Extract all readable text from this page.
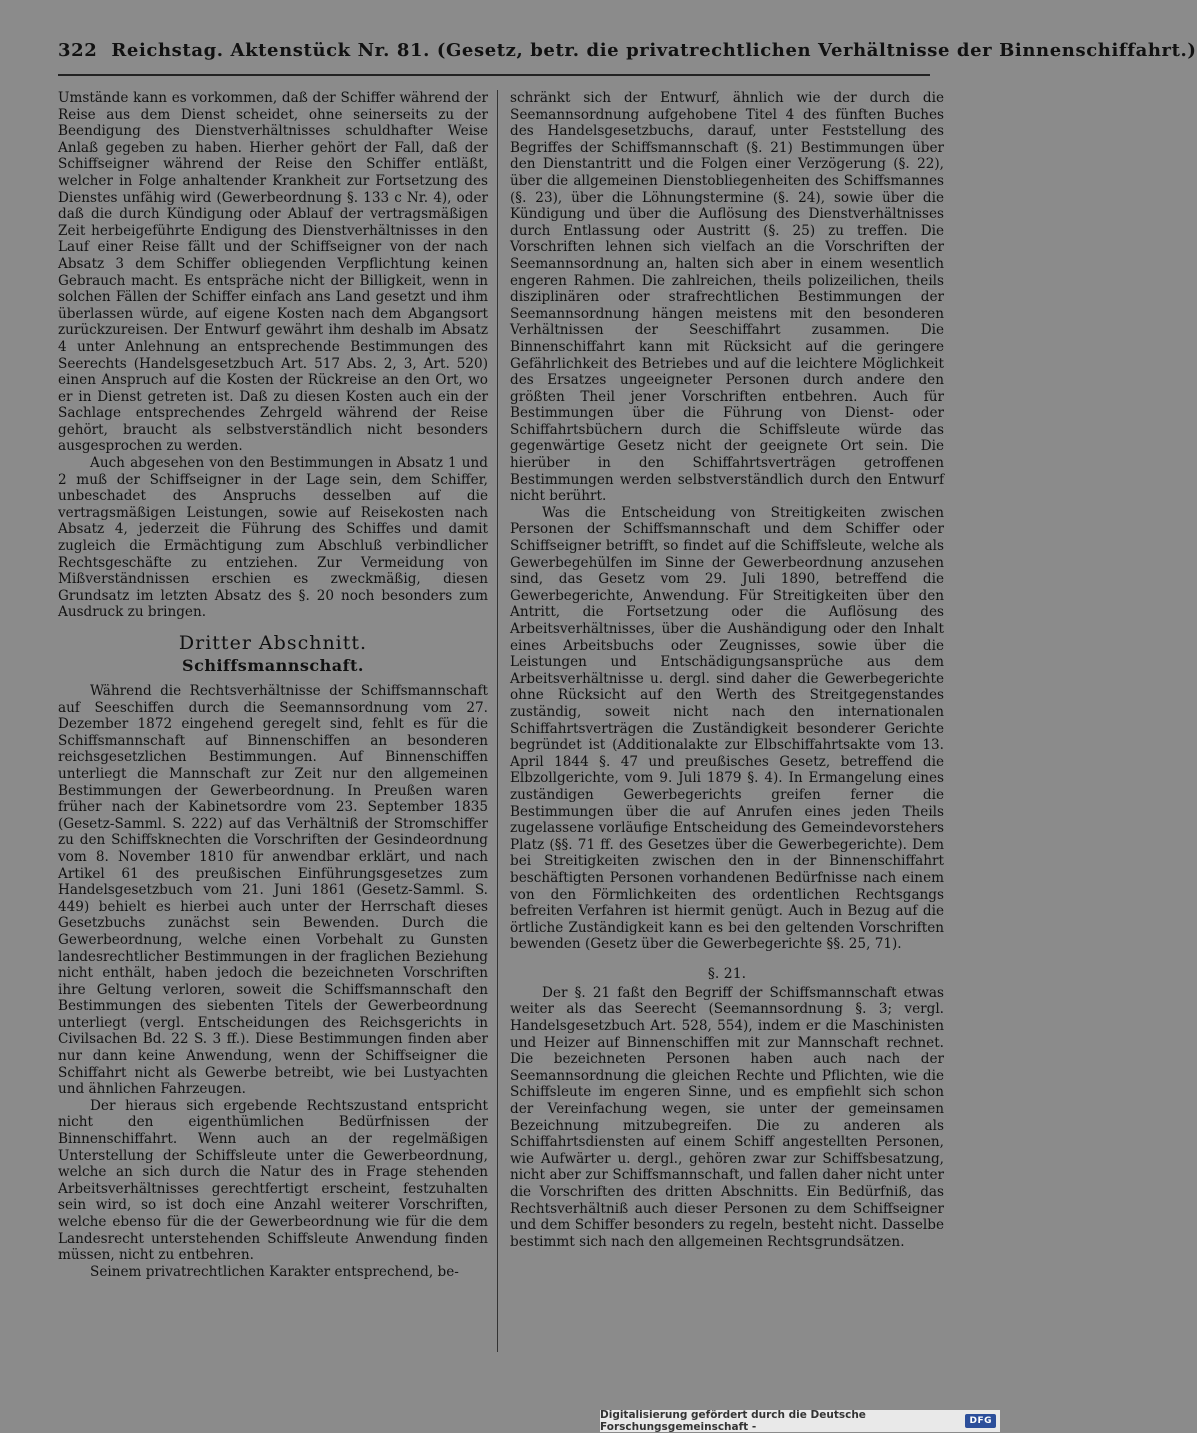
322 Reichstag. Aktenstück Nr. 81. (Gesetz, betr. die privatrechtlichen Verhältnisse der Binnenschiffahrt.)

Umstände kann es vorkommen, daß der Schiffer während der Reise aus dem Dienst scheidet, ohne seinerseits zu der Beendigung des Dienstverhältnisses schuldhafter Weise Anlaß gegeben zu haben. Hierher gehört der Fall, daß der Schiffseigner während der Reise den Schiffer entläßt, welcher in Folge anhaltender Krankheit zur Fortsetzung des Dienstes unfähig wird (Gewerbeordnung §. 133 c Nr. 4), oder daß die durch Kündigung oder Ablauf der vertragsmäßigen Zeit herbeigeführte Endigung des Dienstverhältnisses in den Lauf einer Reise fällt und der Schiffseigner von der nach Absatz 3 dem Schiffer obliegenden Verpflichtung keinen Gebrauch macht. Es entspräche nicht der Billigkeit, wenn in solchen Fällen der Schiffer einfach ans Land gesetzt und ihm überlassen würde, auf eigene Kosten nach dem Abgangsort zurückzureisen. Der Entwurf gewährt ihm deshalb im Absatz 4 unter Anlehnung an entsprechende Bestimmungen des Seerechts (Handelsgesetzbuch Art. 517 Abs. 2, 3, Art. 520) einen Anspruch auf die Kosten der Rückreise an den Ort, wo er in Dienst getreten ist. Daß zu diesen Kosten auch ein der Sachlage entsprechendes Zehrgeld während der Reise gehört, braucht als selbstverständlich nicht besonders ausgesprochen zu werden.

Auch abgesehen von den Bestimmungen in Absatz 1 und 2 muß der Schiffseigner in der Lage sein, dem Schiffer, unbeschadet des Anspruchs desselben auf die vertragsmäßigen Leistungen, sowie auf Reisekosten nach Absatz 4, jederzeit die Führung des Schiffes und damit zugleich die Ermächtigung zum Abschluß verbindlicher Rechtsgeschäfte zu entziehen. Zur Vermeidung von Mißverständnissen erschien es zweckmäßig, diesen Grundsatz im letzten Absatz des §. 20 noch besonders zum Ausdruck zu bringen.

Dritter Abschnitt.
Schiffsmannschaft.

Während die Rechtsverhältnisse der Schiffsmannschaft auf Seeschiffen durch die Seemannsordnung vom 27. Dezember 1872 eingehend geregelt sind, fehlt es für die Schiffsmannschaft auf Binnenschiffen an besonderen reichsgesetzlichen Bestimmungen. Auf Binnenschiffen unterliegt die Mannschaft zur Zeit nur den allgemeinen Bestimmungen der Gewerbeordnung. In Preußen waren früher nach der Kabinetsordre vom 23. September 1835 (Gesetz-Samml. S. 222) auf das Verhältniß der Stromschiffer zu den Schiffsknechten die Vorschriften der Gesindeordnung vom 8. November 1810 für anwendbar erklärt, und nach Artikel 61 des preußischen Einführungsgesetzes zum Handelsgesetzbuch vom 21. Juni 1861 (Gesetz-Samml. S. 449) behielt es hierbei auch unter der Herrschaft dieses Gesetzbuchs zunächst sein Bewenden. Durch die Gewerbeordnung, welche einen Vorbehalt zu Gunsten landesrechtlicher Bestimmungen in der fraglichen Beziehung nicht enthält, haben jedoch die bezeichneten Vorschriften ihre Geltung verloren, soweit die Schiffsmannschaft den Bestimmungen des siebenten Titels der Gewerbeordnung unterliegt (vergl. Entscheidungen des Reichsgerichts in Civilsachen Bd. 22 S. 3 ff.). Diese Bestimmungen finden aber nur dann keine Anwendung, wenn der Schiffseigner die Schiffahrt nicht als Gewerbe betreibt, wie bei Lustyachten und ähnlichen Fahrzeugen.

Der hieraus sich ergebende Rechtszustand entspricht nicht den eigenthümlichen Bedürfnissen der Binnenschiffahrt. Wenn auch an der regelmäßigen Unterstellung der Schiffsleute unter die Gewerbeordnung, welche an sich durch die Natur des in Frage stehenden Arbeitsverhältnisses gerechtfertigt erscheint, festzuhalten sein wird, so ist doch eine Anzahl weiterer Vorschriften, welche ebenso für die der Gewerbeordnung wie für die dem Landesrecht unterstehenden Schiffsleute Anwendung finden müssen, nicht zu entbehren.

Seinem privatrechtlichen Karakter entsprechend, be-

schränkt sich der Entwurf, ähnlich wie der durch die Seemannsordnung aufgehobene Titel 4 des fünften Buches des Handelsgesetzbuchs, darauf, unter Feststellung des Begriffes der Schiffsmannschaft (§. 21) Bestimmungen über den Dienstantritt und die Folgen einer Verzögerung (§. 22), über die allgemeinen Dienstobliegenheiten des Schiffsmannes (§. 23), über die Löhnungstermine (§. 24), sowie über die Kündigung und über die Auflösung des Dienstverhältnisses durch Entlassung oder Austritt (§. 25) zu treffen. Die Vorschriften lehnen sich vielfach an die Vorschriften der Seemannsordnung an, halten sich aber in einem wesentlich engeren Rahmen. Die zahlreichen, theils polizeilichen, theils disziplinären oder strafrechtlichen Bestimmungen der Seemannsordnung hängen meistens mit den besonderen Verhältnissen der Seeschiffahrt zusammen. Die Binnenschiffahrt kann mit Rücksicht auf die geringere Gefährlichkeit des Betriebes und auf die leichtere Möglichkeit des Ersatzes ungeeigneter Personen durch andere den größten Theil jener Vorschriften entbehren. Auch für Bestimmungen über die Führung von Dienst- oder Schiffahrtsbüchern durch die Schiffsleute würde das gegenwärtige Gesetz nicht der geeignete Ort sein. Die hierüber in den Schiffahrtsverträgen getroffenen Bestimmungen werden selbstverständlich durch den Entwurf nicht berührt.

Was die Entscheidung von Streitigkeiten zwischen Personen der Schiffsmannschaft und dem Schiffer oder Schiffseigner betrifft, so findet auf die Schiffsleute, welche als Gewerbegehülfen im Sinne der Gewerbeordnung anzusehen sind, das Gesetz vom 29. Juli 1890, betreffend die Gewerbegerichte, Anwendung. Für Streitigkeiten über den Antritt, die Fortsetzung oder die Auflösung des Arbeitsverhältnisses, über die Aushändigung oder den Inhalt eines Arbeitsbuchs oder Zeugnisses, sowie über die Leistungen und Entschädigungsansprüche aus dem Arbeitsverhältnisse u. dergl. sind daher die Gewerbegerichte ohne Rücksicht auf den Werth des Streitgegenstandes zuständig, soweit nicht nach den internationalen Schiffahrtsverträgen die Zuständigkeit besonderer Gerichte begründet ist (Additionalakte zur Elbschiffahrtsakte vom 13. April 1844 §. 47 und preußisches Gesetz, betreffend die Elbzollgerichte, vom 9. Juli 1879 §. 4). In Ermangelung eines zuständigen Gewerbegerichts greifen ferner die Bestimmungen über die auf Anrufen eines jeden Theils zugelassene vorläufige Entscheidung des Gemeindevorstehers Platz (§§. 71 ff. des Gesetzes über die Gewerbegerichte). Dem bei Streitigkeiten zwischen den in der Binnenschiffahrt beschäftigten Personen vorhandenen Bedürfnisse nach einem von den Förmlichkeiten des ordentlichen Rechtsgangs befreiten Verfahren ist hiermit genügt. Auch in Bezug auf die örtliche Zuständigkeit kann es bei den geltenden Vorschriften bewenden (Gesetz über die Gewerbegerichte §§. 25, 71).

§. 21.

Der §. 21 faßt den Begriff der Schiffsmannschaft etwas weiter als das Seerecht (Seemannsordnung §. 3; vergl. Handelsgesetzbuch Art. 528, 554), indem er die Maschinisten und Heizer auf Binnenschiffen mit zur Mannschaft rechnet. Die bezeichneten Personen haben auch nach der Seemannsordnung die gleichen Rechte und Pflichten, wie die Schiffsleute im engeren Sinne, und es empfiehlt sich schon der Vereinfachung wegen, sie unter der gemeinsamen Bezeichnung mitzubegreifen. Die zu anderen als Schiffahrtsdiensten auf einem Schiff angestellten Personen, wie Aufwärter u. dergl., gehören zwar zur Schiffsbesatzung, nicht aber zur Schiffsmannschaft, und fallen daher nicht unter die Vorschriften des dritten Abschnitts. Ein Bedürfniß, das Rechtsverhältniß auch dieser Personen zu dem Schiffseigner und dem Schiffer besonders zu regeln, besteht nicht. Dasselbe bestimmt sich nach den allgemeinen Rechtsgrundsätzen.

Digitalisierung gefördert durch die Deutsche Forschungsgemeinschaft -	DFG
